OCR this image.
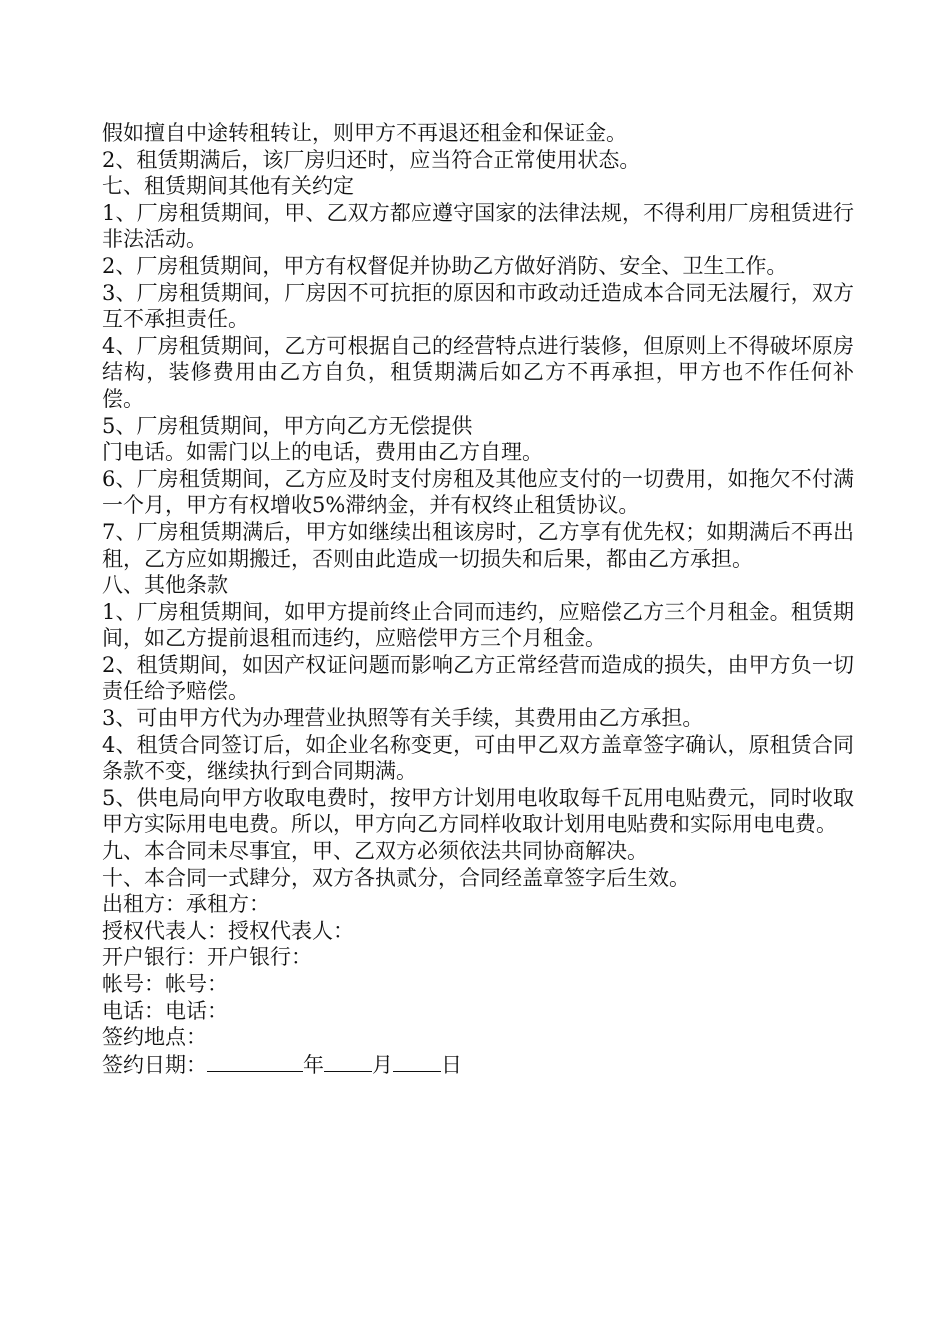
假如擅自中途转租转让，则甲方不再退还租金和保证金。

2、租赁期满后，该厂房归还时，应当符合正常使用状态。

七、租赁期间其他有关约定

1、厂房租赁期间，甲、乙双方都应遵守国家的法律法规，不得利用厂房租赁进行非法活动。

2、厂房租赁期间，甲方有权督促并协助乙方做好消防、安全、卫生工作。

3、厂房租赁期间，厂房因不可抗拒的原因和市政动迁造成本合同无法履行，双方互不承担责任。

4、厂房租赁期间，乙方可根据自己的经营特点进行装修，但原则上不得破坏原房结构，装修费用由乙方自负，租赁期满后如乙方不再承担，甲方也不作任何补偿。

5、厂房租赁期间，甲方向乙方无偿提供

门电话。如需门以上的电话，费用由乙方自理。

6、厂房租赁期间，乙方应及时支付房租及其他应支付的一切费用，如拖欠不付满一个月，甲方有权增收5%滞纳金，并有权终止租赁协议。

7、厂房租赁期满后，甲方如继续出租该房时，乙方享有优先权；如期满后不再出租，乙方应如期搬迁，否则由此造成一切损失和后果，都由乙方承担。

八、其他条款

1、厂房租赁期间，如甲方提前终止合同而违约，应赔偿乙方三个月租金。租赁期间，如乙方提前退租而违约，应赔偿甲方三个月租金。

2、租赁期间，如因产权证问题而影响乙方正常经营而造成的损失，由甲方负一切责任给予赔偿。

3、可由甲方代为办理营业执照等有关手续，其费用由乙方承担。

4、租赁合同签订后，如企业名称变更，可由甲乙双方盖章签字确认，原租赁合同条款不变，继续执行到合同期满。

5、供电局向甲方收取电费时，按甲方计划用电收取每千瓦用电贴费元，同时收取甲方实际用电电费。所以，甲方向乙方同样收取计划用电贴费和实际用电电费。

九、本合同未尽事宜，甲、乙双方必须依法共同协商解决。

十、本合同一式肆分，双方各执贰分，合同经盖章签字后生效。

出租方：承租方：

授权代表人：授权代表人：

开户银行：开户银行：

帐号：帐号：

电话：电话：

签约地点：

签约日期：	年 月 日
